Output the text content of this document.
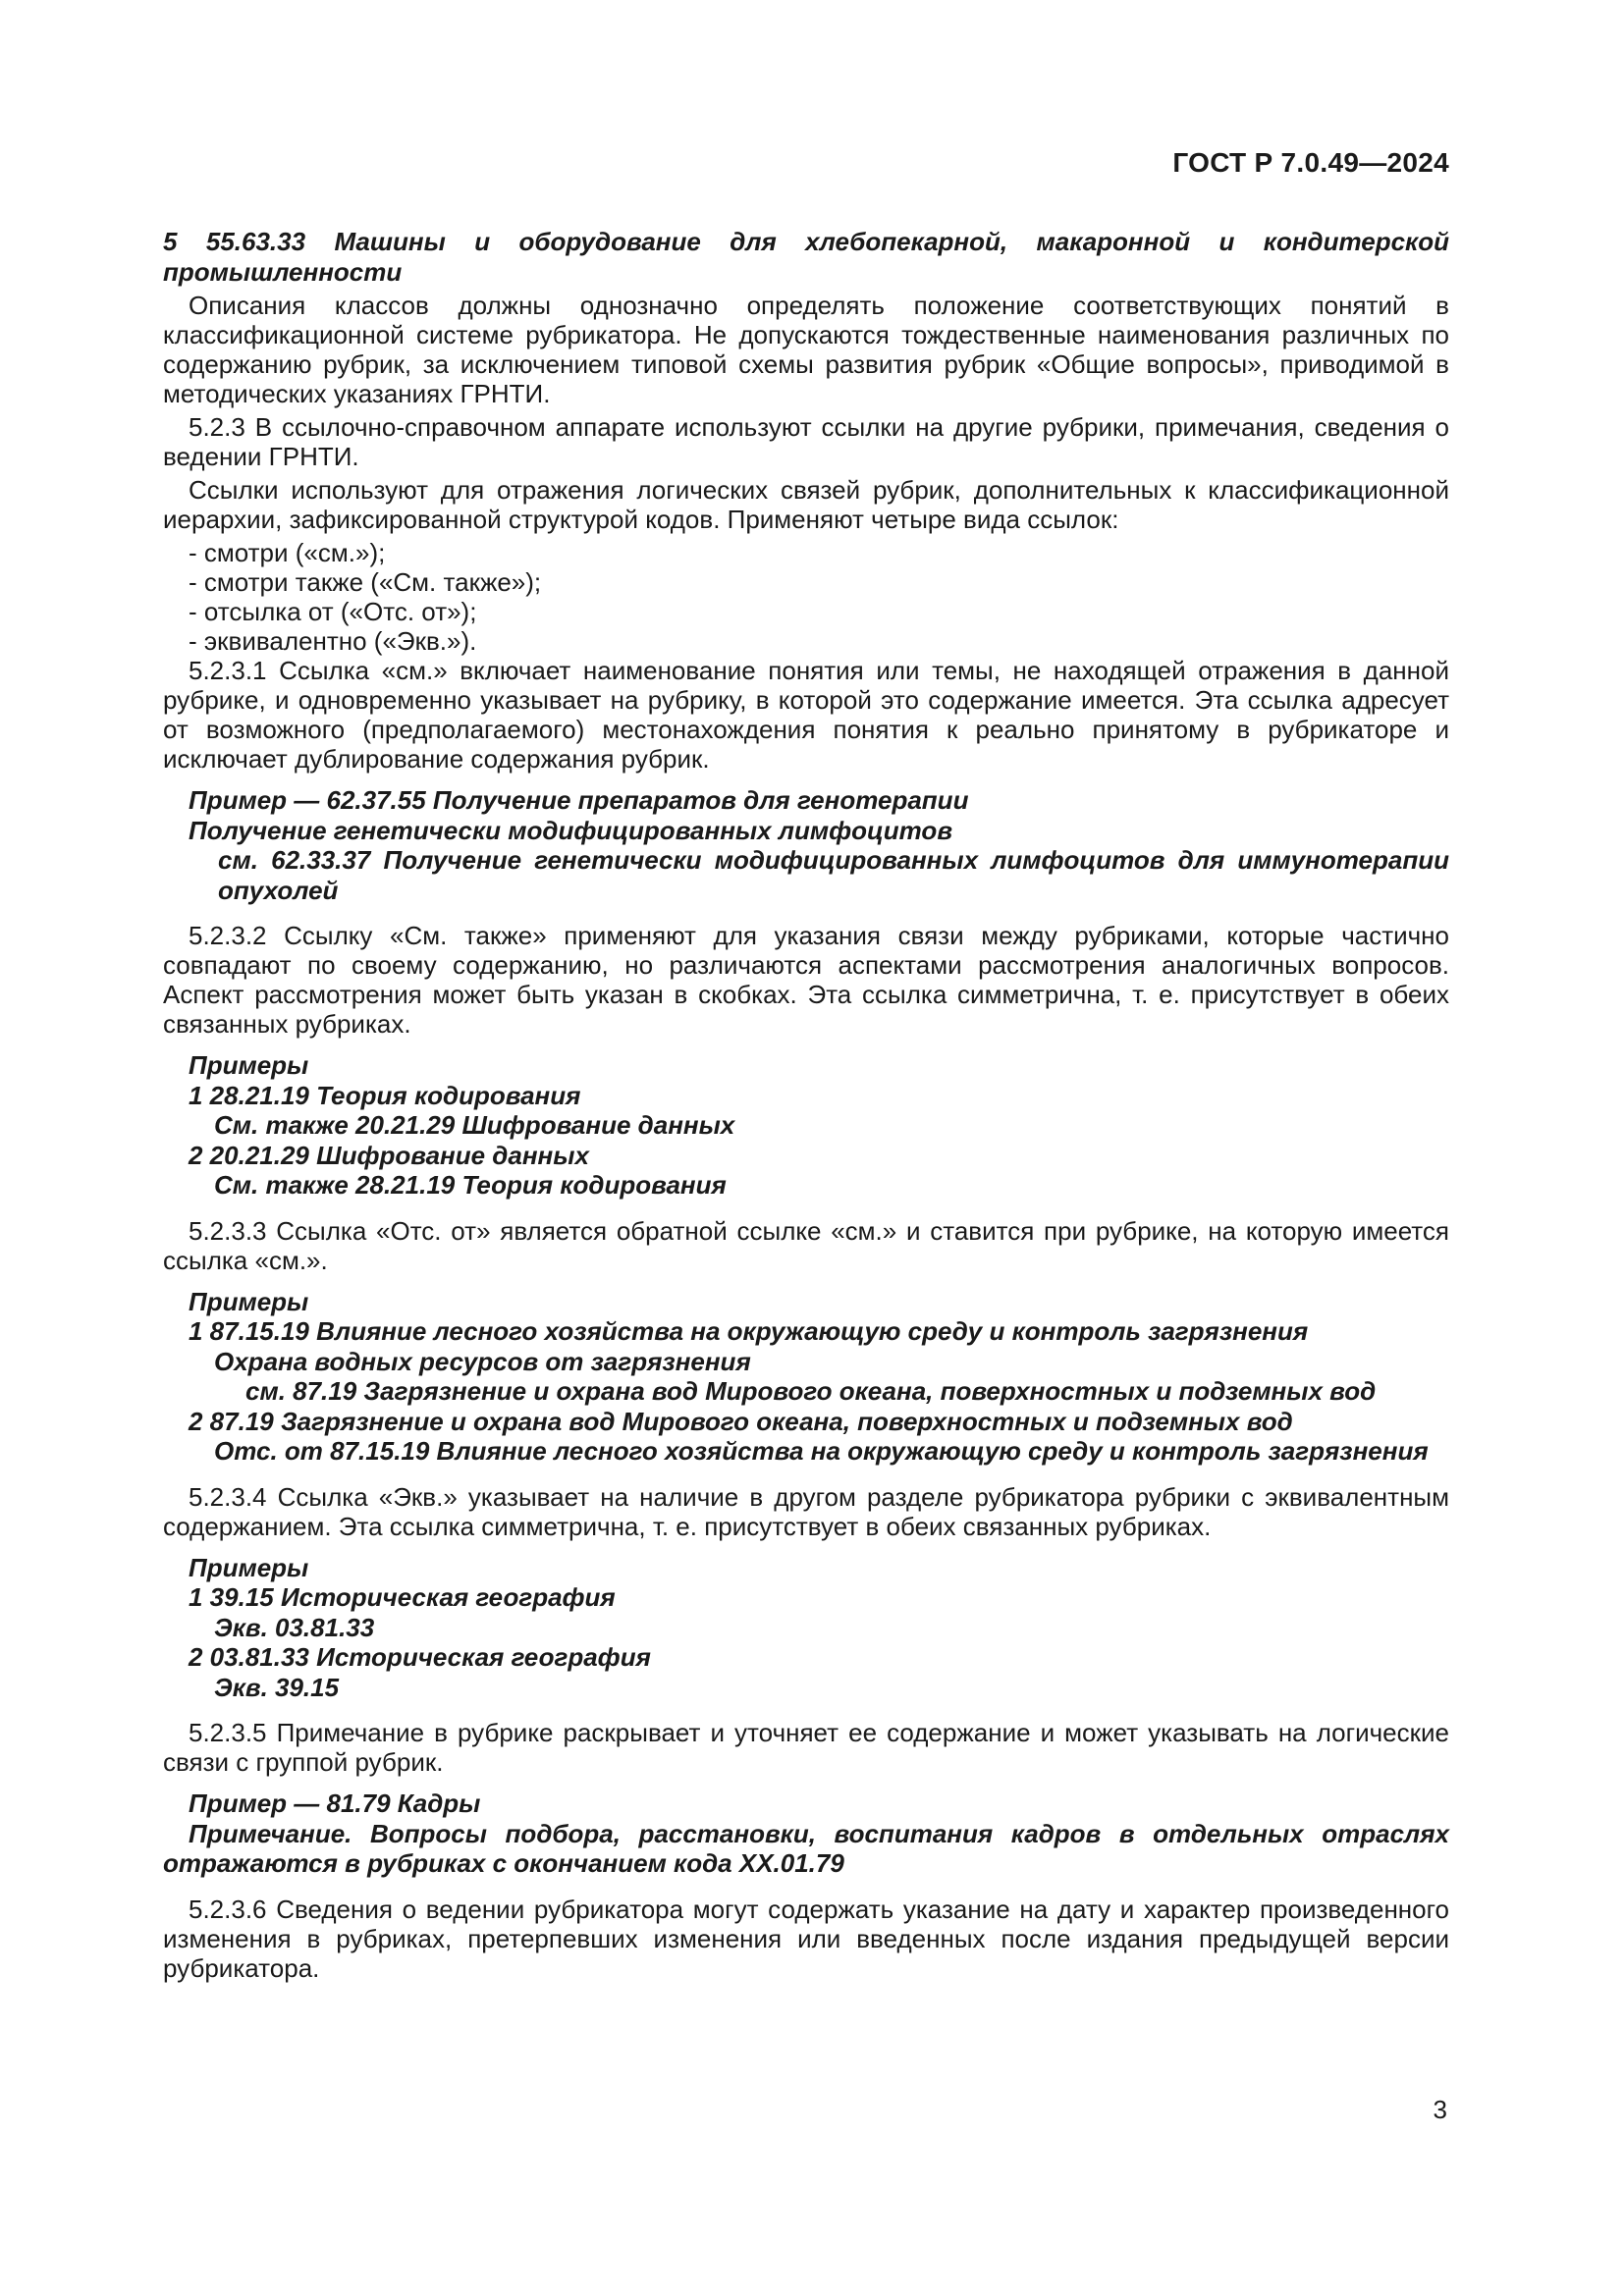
ГОСТ Р 7.0.49—2024
5 55.63.33 Машины и оборудование для хлебопекарной, макаронной и кондитерской промышленности
Описания классов должны однозначно определять положение соответствующих понятий в классификационной системе рубрикатора. Не допускаются тождественные наименования различных по содержанию рубрик, за исключением типовой схемы развития рубрик «Общие вопросы», приводимой в методических указаниях ГРНТИ.
5.2.3 В ссылочно-справочном аппарате используют ссылки на другие рубрики, примечания, сведения о ведении ГРНТИ.
Ссылки используют для отражения логических связей рубрик, дополнительных к классификационной иерархии, зафиксированной структурой кодов. Применяют четыре вида ссылок:
- смотри («см.»);
- смотри также («См. также»);
- отсылка от («Отс. от»);
- эквивалентно («Экв.»).
5.2.3.1 Ссылка «см.» включает наименование понятия или темы, не находящей отражения в данной рубрике, и одновременно указывает на рубрику, в которой это содержание имеется. Эта ссылка адресует от возможного (предполагаемого) местонахождения понятия к реально принятому в рубрикаторе и исключает дублирование содержания рубрик.
Пример — 62.37.55 Получение препаратов для генотерапии
Получение генетически модифицированных лимфоцитов
см. 62.33.37 Получение генетически модифицированных лимфоцитов для иммунотерапии опухолей
5.2.3.2 Ссылку «См. также» применяют для указания связи между рубриками, которые частично совпадают по своему содержанию, но различаются аспектами рассмотрения аналогичных вопросов. Аспект рассмотрения может быть указан в скобках. Эта ссылка симметрична, т. е. присутствует в обеих связанных рубриках.
Примеры
1 28.21.19 Теория кодирования
См. также 20.21.29 Шифрование данных
2 20.21.29 Шифрование данных
См. также 28.21.19 Теория кодирования
5.2.3.3 Ссылка «Отс. от» является обратной ссылке «см.» и ставится при рубрике, на которую имеется ссылка «см.».
Примеры
1 87.15.19 Влияние лесного хозяйства на окружающую среду и контроль загрязнения
Охрана водных ресурсов от загрязнения
см. 87.19 Загрязнение и охрана вод Мирового океана, поверхностных и подземных вод
2 87.19 Загрязнение и охрана вод Мирового океана, поверхностных и подземных вод
Отс. от 87.15.19 Влияние лесного хозяйства на окружающую среду и контроль загрязнения
5.2.3.4 Ссылка «Экв.» указывает на наличие в другом разделе рубрикатора рубрики с эквивалентным содержанием. Эта ссылка симметрична, т. е. присутствует в обеих связанных рубриках.
Примеры
1 39.15 Историческая география
Экв. 03.81.33
2 03.81.33 Историческая география
Экв. 39.15
5.2.3.5 Примечание в рубрике раскрывает и уточняет ее содержание и может указывать на логические связи с группой рубрик.
Пример — 81.79 Кадры
Примечание. Вопросы подбора, расстановки, воспитания кадров в отдельных отраслях отражаются в рубриках с окончанием кода ХХ.01.79
5.2.3.6 Сведения о ведении рубрикатора могут содержать указание на дату и характер произведенного изменения в рубриках, претерпевших изменения или введенных после издания предыдущей версии рубрикатора.
3
